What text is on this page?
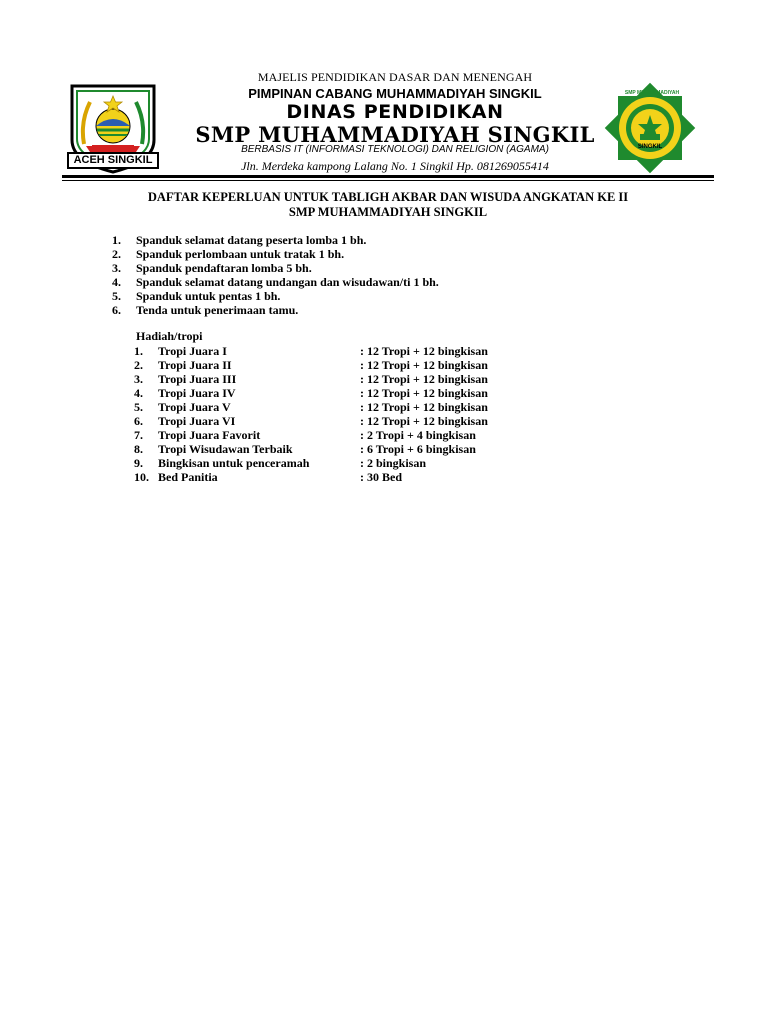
ACEH SINGKIL
MAJELIS PENDIDIKAN DASAR DAN MENENGAH
PIMPINAN CABANG MUHAMMADIYAH SINGKIL
DINAS PENDIDIKAN
SMP MUHAMMADIYAH SINGKIL
BERBASIS IT (INFORMASI TEKNOLOGI) DAN RELIGION (AGAMA)
Jln. Merdeka kampong Lalang No. 1 Singkil Hp. 081269055414
SMP MUHAMMADIYAH
SINGKIL
DAFTAR KEPERLUAN UNTUK TABLIGH AKBAR DAN WISUDA ANGKATAN KE II
SMP MUHAMMADIYAH SINGKIL
1. Spanduk selamat datang peserta lomba 1 bh.
2. Spanduk perlombaan untuk tratak 1 bh.
3. Spanduk pendaftaran lomba 5 bh.
4. Spanduk selamat datang undangan dan wisudawan/ti 1 bh.
5. Spanduk untuk pentas 1 bh.
6. Tenda untuk penerimaan tamu.
Hadiah/tropi
1. Tropi Juara I	: 12 Tropi + 12 bingkisan
2. Tropi Juara II	: 12 Tropi + 12 bingkisan
3. Tropi Juara III	: 12 Tropi + 12 bingkisan
4. Tropi Juara IV	: 12 Tropi + 12 bingkisan
5. Tropi Juara V	: 12 Tropi + 12 bingkisan
6. Tropi Juara VI	: 12 Tropi + 12 bingkisan
7. Tropi Juara Favorit	: 2 Tropi + 4 bingkisan
8. Tropi Wisudawan Terbaik	: 6 Tropi + 6 bingkisan
9. Bingkisan untuk penceramah	: 2 bingkisan
10. Bed Panitia	: 30 Bed
